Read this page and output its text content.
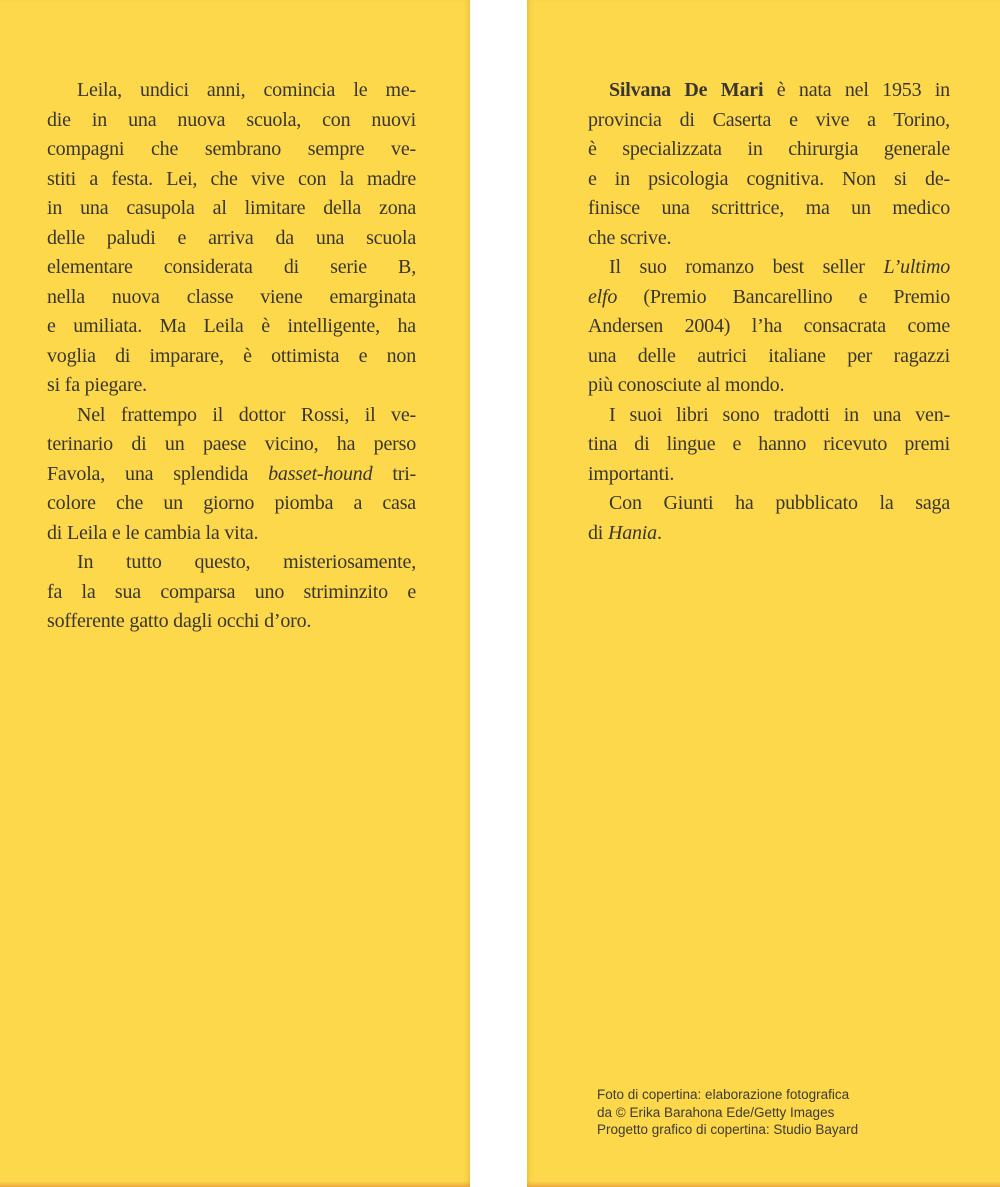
Leila, undici anni, comincia le me-
die in una nuova scuola, con nuovi
compagni che sembrano sempre ve-
stiti a festa. Lei, che vive con la madre
in una casupola al limitare della zona
delle paludi e arriva da una scuola
elementare considerata di serie B,
nella nuova classe viene emarginata
e umiliata. Ma Leila è intelligente, ha
voglia di imparare, è ottimista e non
si fa piegare.
Nel frattempo il dottor Rossi, il ve-
terinario di un paese vicino, ha perso
Favola, una splendida basset-hound tri-
colore che un giorno piomba a casa
di Leila e le cambia la vita.
In tutto questo, misteriosamente,
fa la sua comparsa uno striminzito e
sofferente gatto dagli occhi d’oro.
Silvana De Mari è nata nel 1953 in
provincia di Caserta e vive a Torino,
è specializzata in chirurgia generale
e in psicologia cognitiva. Non si de-
finisce una scrittrice, ma un medico
che scrive.
Il suo romanzo best seller L’ultimo
elfo (Premio Bancarellino e Premio
Andersen 2004) l’ha consacrata come
una delle autrici italiane per ragazzi
più conosciute al mondo.
I suoi libri sono tradotti in una ven-
tina di lingue e hanno ricevuto premi
importanti.
Con Giunti ha pubblicato la saga
di Hania.
Foto di copertina: elaborazione fotografica
da © Erika Barahona Ede/Getty Images
Progetto grafico di copertina: Studio Bayard
